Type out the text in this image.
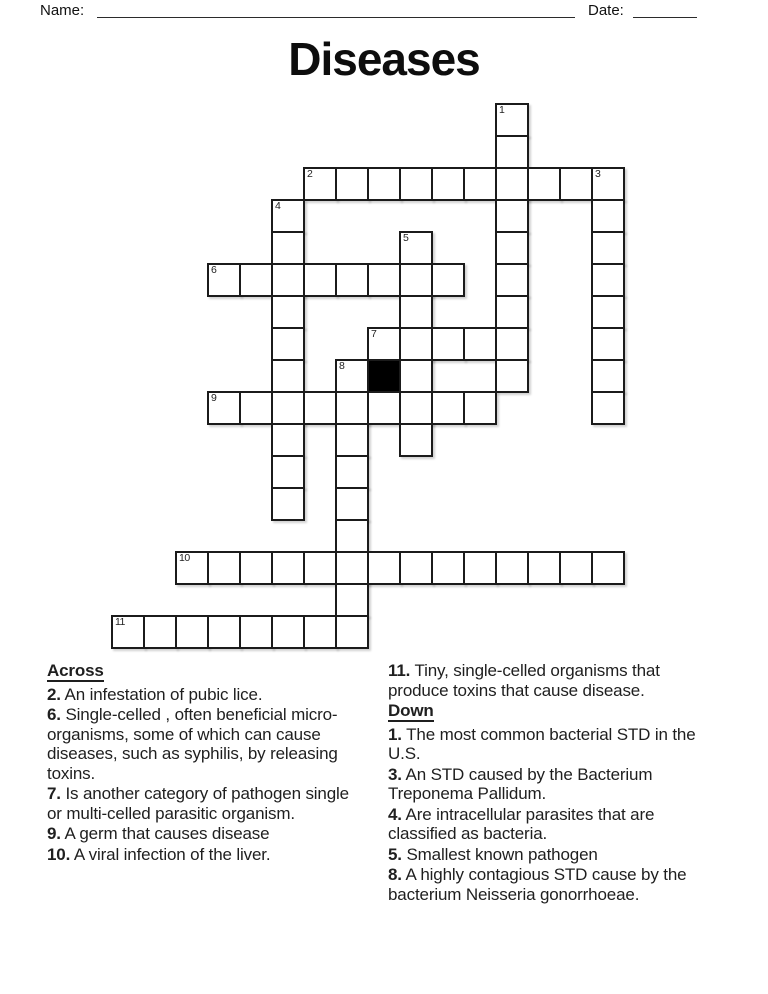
Name:	Date:
Diseases
1
2	3
4
5
6
7
8
9
10
11
Across

2. An infestation of pubic lice.

6. Single-celled , often beneficial micro-organisms, some of which can cause diseases, such as syphilis, by releasing toxins.

7. Is another category of pathogen single or multi-celled parasitic organism.

9. A germ that causes disease

10. A viral infection of the liver.

11. Tiny, single-celled organisms that produce toxins that cause disease.

Down

1. The most common bacterial STD in the U.S.

3. An STD caused by the Bacterium Treponema Pallidum.

4. Are intracellular parasites that are classified as bacteria.

5. Smallest known pathogen

8. A highly contagious STD cause by the bacterium Neisseria gonorrhoeae.
